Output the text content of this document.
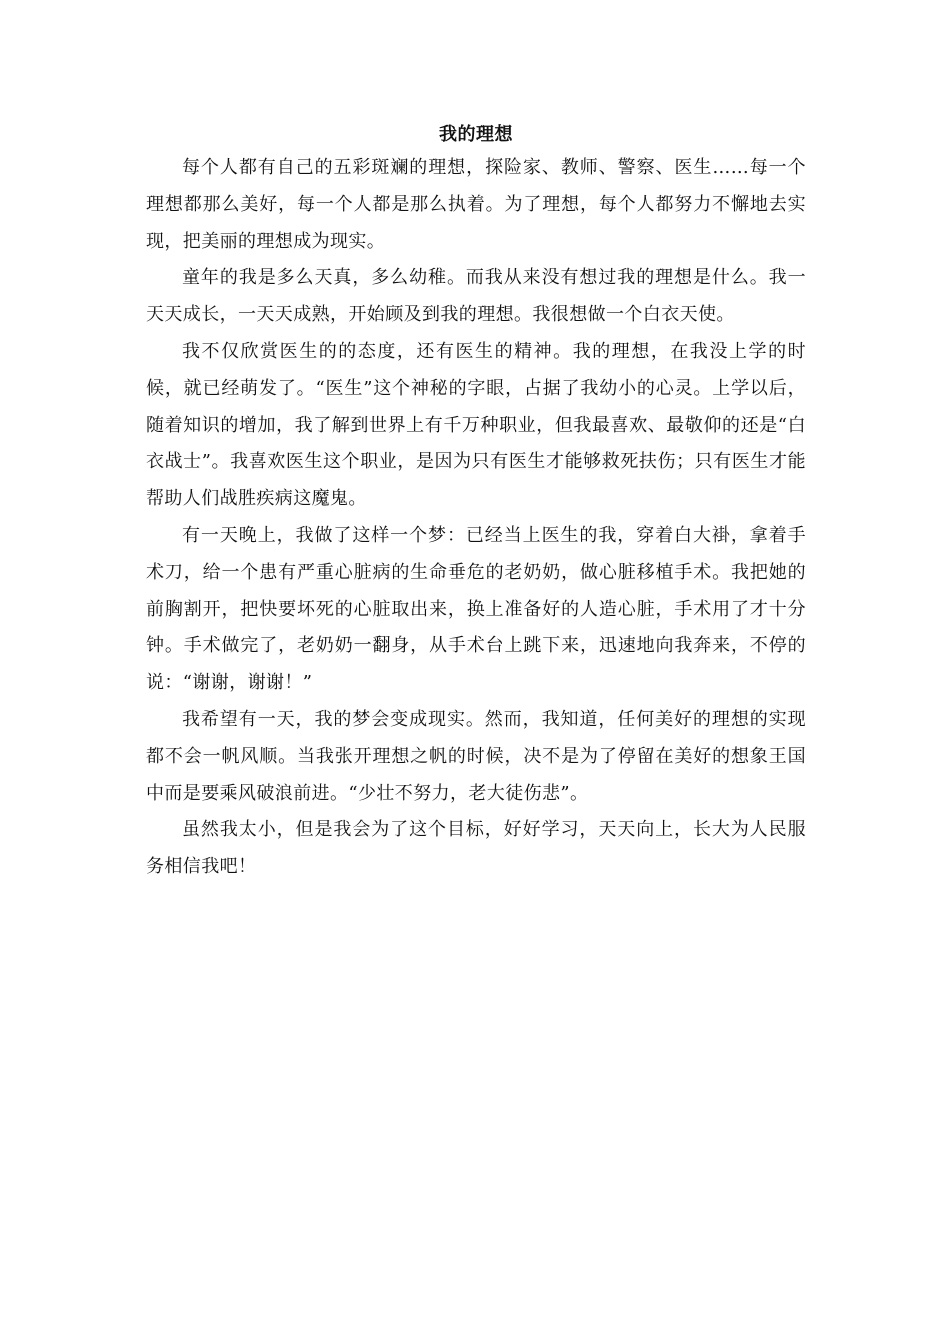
我的理想

每个人都有自己的五彩斑斓的理想，探险家、教师、警察、医生……每一个理想都那么美好，每一个人都是那么执着。为了理想，每个人都努力不懈地去实现，把美丽的理想成为现实。

童年的我是多么天真，多么幼稚。而我从来没有想过我的理想是什么。我一天天成长，一天天成熟，开始顾及到我的理想。我很想做一个白衣天使。

我不仅欣赏医生的的态度，还有医生的精神。我的理想，在我没上学的时候，就已经萌发了。“医生”这个神秘的字眼，占据了我幼小的心灵。上学以后，随着知识的增加，我了解到世界上有千万种职业，但我最喜欢、最敬仰的还是“白衣战士”。我喜欢医生这个职业，是因为只有医生才能够救死扶伤；只有医生才能帮助人们战胜疾病这魔鬼。

有一天晚上，我做了这样一个梦：已经当上医生的我，穿着白大褂，拿着手术刀，给一个患有严重心脏病的生命垂危的老奶奶，做心脏移植手术。我把她的前胸割开，把快要坏死的心脏取出来，换上准备好的人造心脏，手术用了才十分钟。手术做完了，老奶奶一翻身，从手术台上跳下来，迅速地向我奔来，不停的说：“谢谢，谢谢！”

我希望有一天，我的梦会变成现实。然而，我知道，任何美好的理想的实现都不会一帆风顺。当我张开理想之帆的时候，决不是为了停留在美好的想象王国中而是要乘风破浪前进。“少壮不努力，老大徒伤悲”。

虽然我太小，但是我会为了这个目标，好好学习，天天向上，长大为人民服务相信我吧！
